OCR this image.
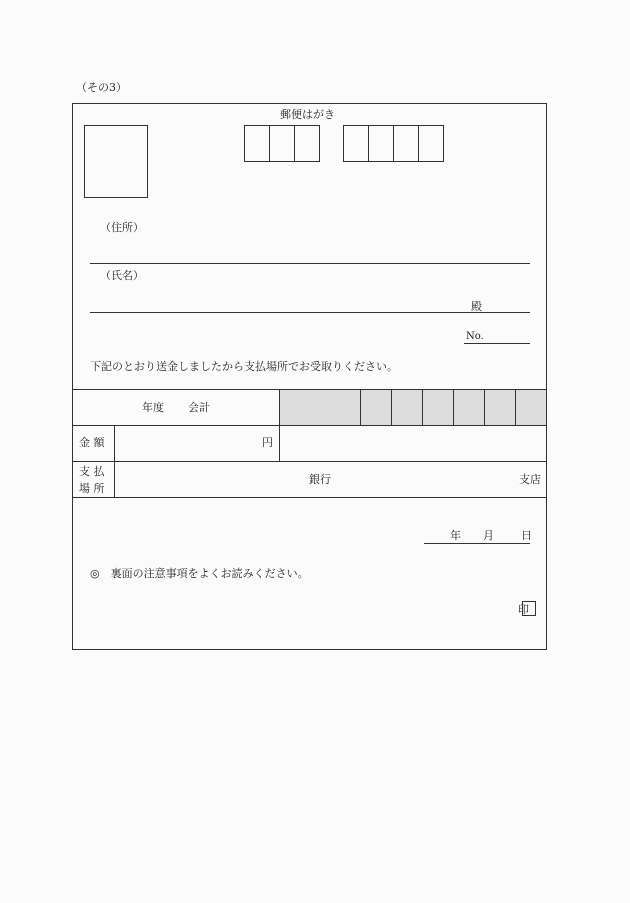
（その3）
郵便はがき
（住所）
（氏名）
殿
No.
下記のとおり送金しましたから支払場所でお受取りください。
年度 会計
金 額	円
支 払
場 所
銀行	支店
年 月 日
◎　裏面の注意事項をよくお読みください。
印
